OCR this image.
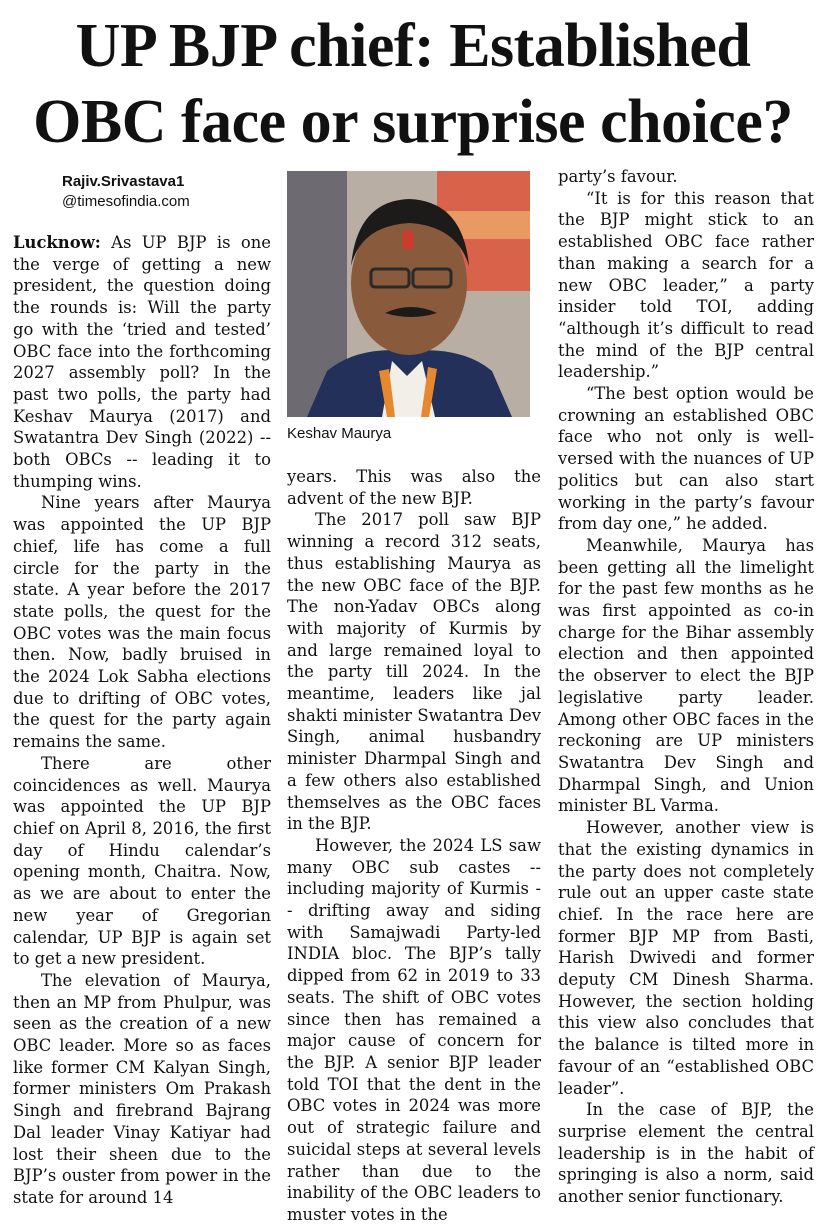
UP BJP chief: Established
OBC face or surprise choice?
Rajiv.Srivastava1
@timesofindia.com
Keshav Maurya

Lucknow: As UP BJP is one the verge of getting a new president, the question doing the rounds is: Will the party go with the ‘tried and tested’ OBC face into the forthcoming 2027 assembly poll? In the past two polls, the party had Keshav Maurya (2017) and Swatantra Dev Singh (2022) -- both OBCs -- leading it to thumping wins.

Nine years after Maurya was appointed the UP BJP chief, life has come a full circle for the party in the state. A year before the 2017 state polls, the quest for the OBC votes was the main focus then. Now, badly bruised in the 2024 Lok Sabha elections due to drifting of OBC votes, the quest for the party again remains the same.

There are other coincidences as well. Maurya was appointed the UP BJP chief on April 8, 2016, the first day of Hindu calendar’s opening month, Chaitra. Now, as we are about to enter the new year of Gregorian calendar, UP BJP is again set to get a new president.

The elevation of Maurya, then an MP from Phulpur, was seen as the creation of a new OBC leader. More so as faces like former CM Kalyan Singh, former ministers Om Prakash Singh and firebrand Bajrang Dal leader Vinay Katiyar had lost their sheen due to the BJP’s ouster from power in the state for around 14

years. This was also the advent of the new BJP.

The 2017 poll saw BJP winning a record 312 seats, thus establishing Maurya as the new OBC face of the BJP. The non-Yadav OBCs along with majority of Kurmis by and large remained loyal to the party till 2024. In the meantime, leaders like jal shakti minister Swatantra Dev Singh, animal husbandry minister Dharmpal Singh and a few others also established themselves as the OBC faces in the BJP.

However, the 2024 LS saw many OBC sub castes -- including majority of Kurmis -- drifting away and siding with Samajwadi Party-led INDIA bloc. The BJP’s tally dipped from 62 in 2019 to 33 seats. The shift of OBC votes since then has remained a major cause of concern for the BJP. A senior BJP leader told TOI that the dent in the OBC votes in 2024 was more out of strategic failure and suicidal steps at several levels rather than due to the inability of the OBC leaders to muster votes in the

party’s favour.

“It is for this reason that the BJP might stick to an established OBC face rather than making a search for a new OBC leader,” a party insider told TOI, adding “although it’s difficult to read the mind of the BJP central leadership.”

“The best option would be crowning an established OBC face who not only is well-versed with the nuances of UP politics but can also start working in the party’s favour from day one,” he added.

Meanwhile, Maurya has been getting all the limelight for the past few months as he was first appointed as co-in charge for the Bihar assembly election and then appointed the observer to elect the BJP legislative party leader. Among other OBC faces in the reckoning are UP ministers Swatantra Dev Singh and Dharmpal Singh, and Union minister BL Varma.

However, another view is that the existing dynamics in the party does not completely rule out an upper caste state chief. In the race here are former BJP MP from Basti, Harish Dwivedi and former deputy CM Dinesh Sharma. However, the section holding this view also concludes that the balance is tilted more in favour of an “established OBC leader”.

In the case of BJP, the surprise element the central leadership is in the habit of springing is also a norm, said another senior functionary.
